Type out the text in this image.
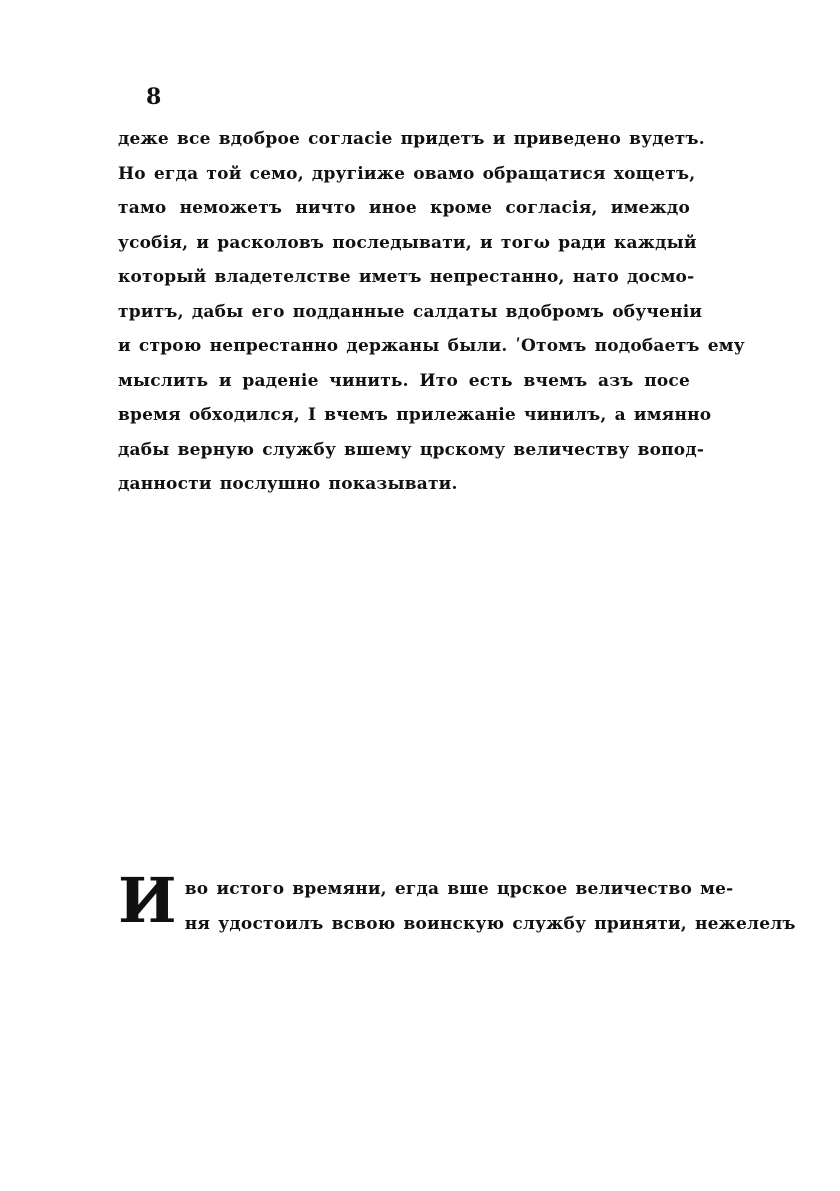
8
деже все вдоброе согласіе придетъ и приведено вудетъ.
Но егда той семо, другіиже овамо обращатися хощетъ,
тамо неможетъ ничто иное кроме согласія, имеждо
усобія, и расколовъ последывати, и тогω ради каждый
который владетелстве иметъ непрестанно, нато досмо-
тритъ, дабы его подданные салдаты вдобромъ обученіи
и строю непрестанно держаны были. ʹОтомъ подобаетъ ему
мыслить и раденіе чинить. Ито есть вчемъ азъ посе
время обходился, Ι вчемъ прилежаніе чинилъ, а имянно
дабы верную службу вшему црскому величеству вопод-
данности послушно показывати.
И во истого времяни, егда вше црское величество ме-
ня удостоилъ всвою воинскую службу приняти, нежелелъ
